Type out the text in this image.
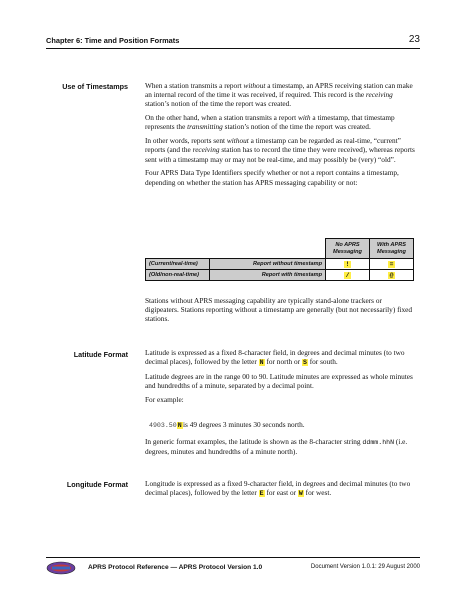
Chapter 6: Time and Position Formats	23
Use of Timestamps When a station transmits a report without a timestamp, an APRS receiving station can make an internal record of the time it was received, if required. This record is the receiving station’s notion of the time the report was created.

On the other hand, when a station transmits a report with a timestamp, that timestamp represents the transmitting station’s notion of the time the report was created.

In other words, reports sent without a timestamp can be regarded as real-time, “current” reports (and the receiving station has to record the time they were received), whereas reports sent with a timestamp may or may not be real-time, and may possibly be (very) “old”.

Four APRS Data Type Identifiers specify whether or not a report contains a timestamp, depending on whether the station has APRS messaging capability or not:

		No APRS Messaging	With APRS Messaging
(Current/real-time)	Report without timestamp	!	=
(Old/non-real-time)	Report with timestamp	/	@
Stations without APRS messaging capability are typically stand-alone trackers or digipeaters. Stations reporting without a timestamp are generally (but not necessarily) fixed stations.
Latitude Format Latitude is expressed as a fixed 8-character field, in degrees and decimal minutes (to two decimal places), followed by the letter N for north or S for south.

Latitude degrees are in the range 00 to 90. Latitude minutes are expressed as whole minutes and hundredths of a minute, separated by a decimal point.

For example:

4903.50N is 49 degrees 3 minutes 30 seconds north.
In generic format examples, the latitude is shown as the 8-character string ddmm.hhN (i.e. degrees, minutes and hundredths of a minute north).
Longitude Format Longitude is expressed as a fixed 9-character field, in degrees and decimal minutes (to two decimal places), followed by the letter E for east or W for west.

APRS Protocol Reference — APRS Protocol Version 1.0	Document Version 1.0.1: 29 August 2000
